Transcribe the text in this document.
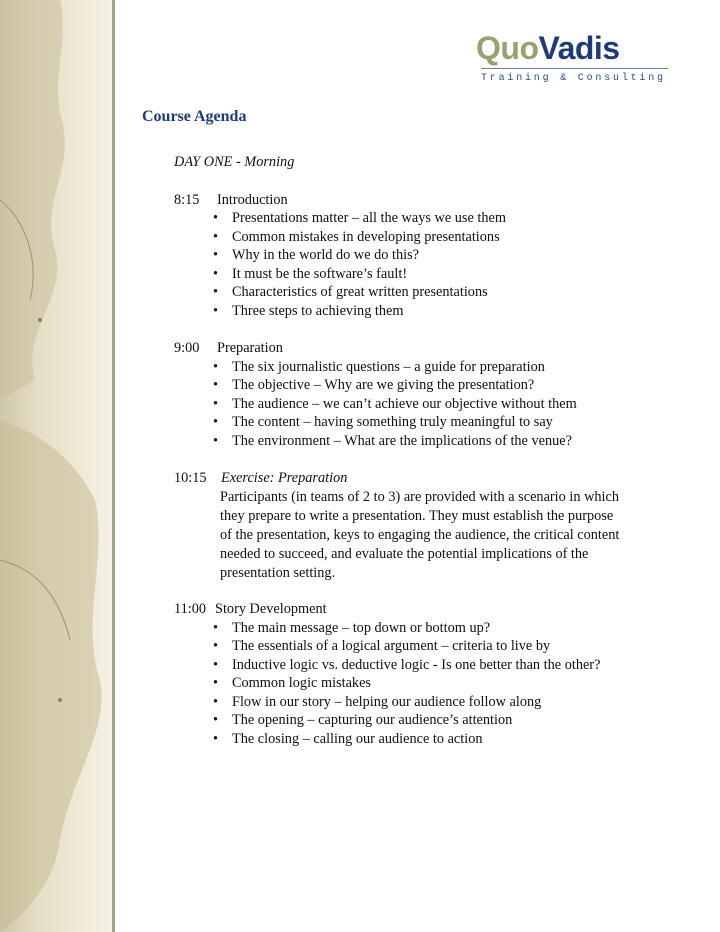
QuoVadis
Training & Consulting
Course Agenda
DAY ONE - Morning
8:15 Introduction
• Presentations matter – all the ways we use them
• Common mistakes in developing presentations
• Why in the world do we do this?
• It must be the software’s fault!
• Characteristics of great written presentations
• Three steps to achieving them
9:00 Preparation
• The six journalistic questions – a guide for preparation
• The objective – Why are we giving the presentation?
• The audience – we can’t achieve our objective without them
• The content – having something truly meaningful to say
• The environment – What are the implications of the venue?
10:15 Exercise: Preparation
Participants (in teams of 2 to 3) are provided with a scenario in which
they prepare to write a presentation. They must establish the purpose
of the presentation, keys to engaging the audience, the critical content
needed to succeed, and evaluate the potential implications of the
presentation setting.
11:00 Story Development
• The main message – top down or bottom up?
• The essentials of a logical argument – criteria to live by
• Inductive logic vs. deductive logic - Is one better than the other?
• Common logic mistakes
• Flow in our story – helping our audience follow along
• The opening – capturing our audience’s attention
• The closing – calling our audience to action
